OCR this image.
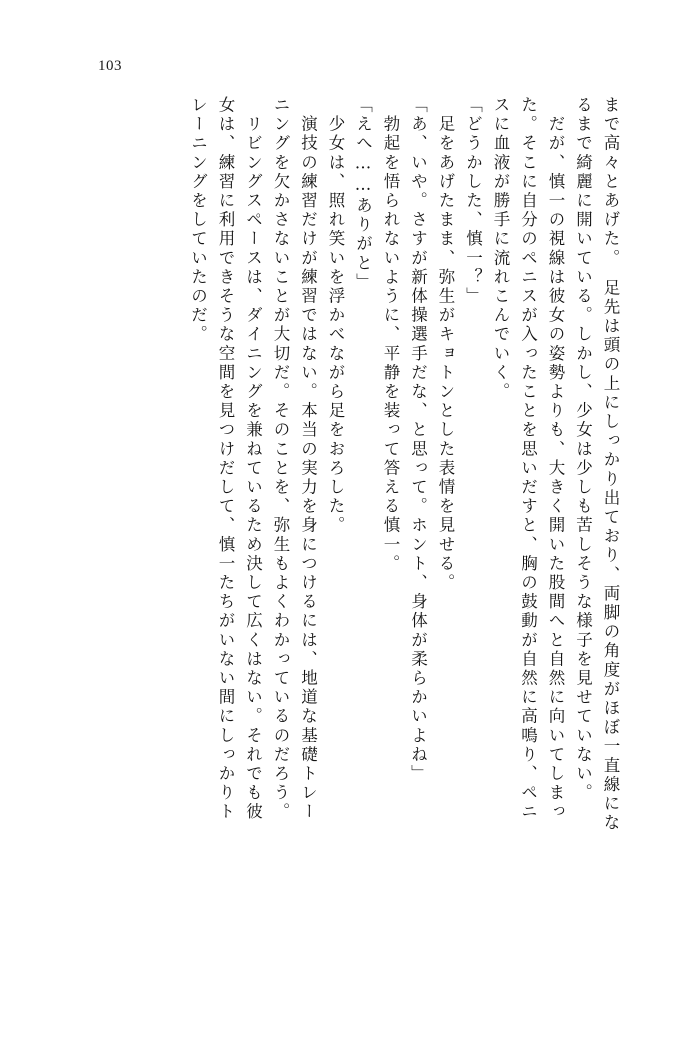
103
まで高々とあげた。　足先は頭の上にしっかり出ており、両脚の角度がほぼ一直線にな
るまで綺麗に開いている。しかし、少女は少しも苦しそうな様子を見せていない。
　だが、慎一の視線は彼女の姿勢よりも、大きく開いた股間へと自然に向いてしまっ
た。そこに自分のペニスが入ったことを思いだすと、胸の鼓動が自然に高鳴り、ペニ
スに血液が勝手に流れこんでいく。
「どうかした、慎一？」
　足をあげたまま、弥生がキョトンとした表情を見せる。
「あ、いや。さすが新体操選手だな、と思って。ホント、身体が柔らかいよね」
　勃起を悟られないように、平静を装って答える慎一。
「えへ……ありがと」
　少女は、照れ笑いを浮かべながら足をおろした。
　演技の練習だけが練習ではない。本当の実力を身につけるには、地道な基礎トレー
ニングを欠かさないことが大切だ。そのことを、弥生もよくわかっているのだろう。
　リビングスペースは、ダイニングを兼ねているため決して広くはない。それでも彼
女は、練習に利用できそうな空間を見つけだして、慎一たちがいない間にしっかりト
レーニングをしていたのだ。
